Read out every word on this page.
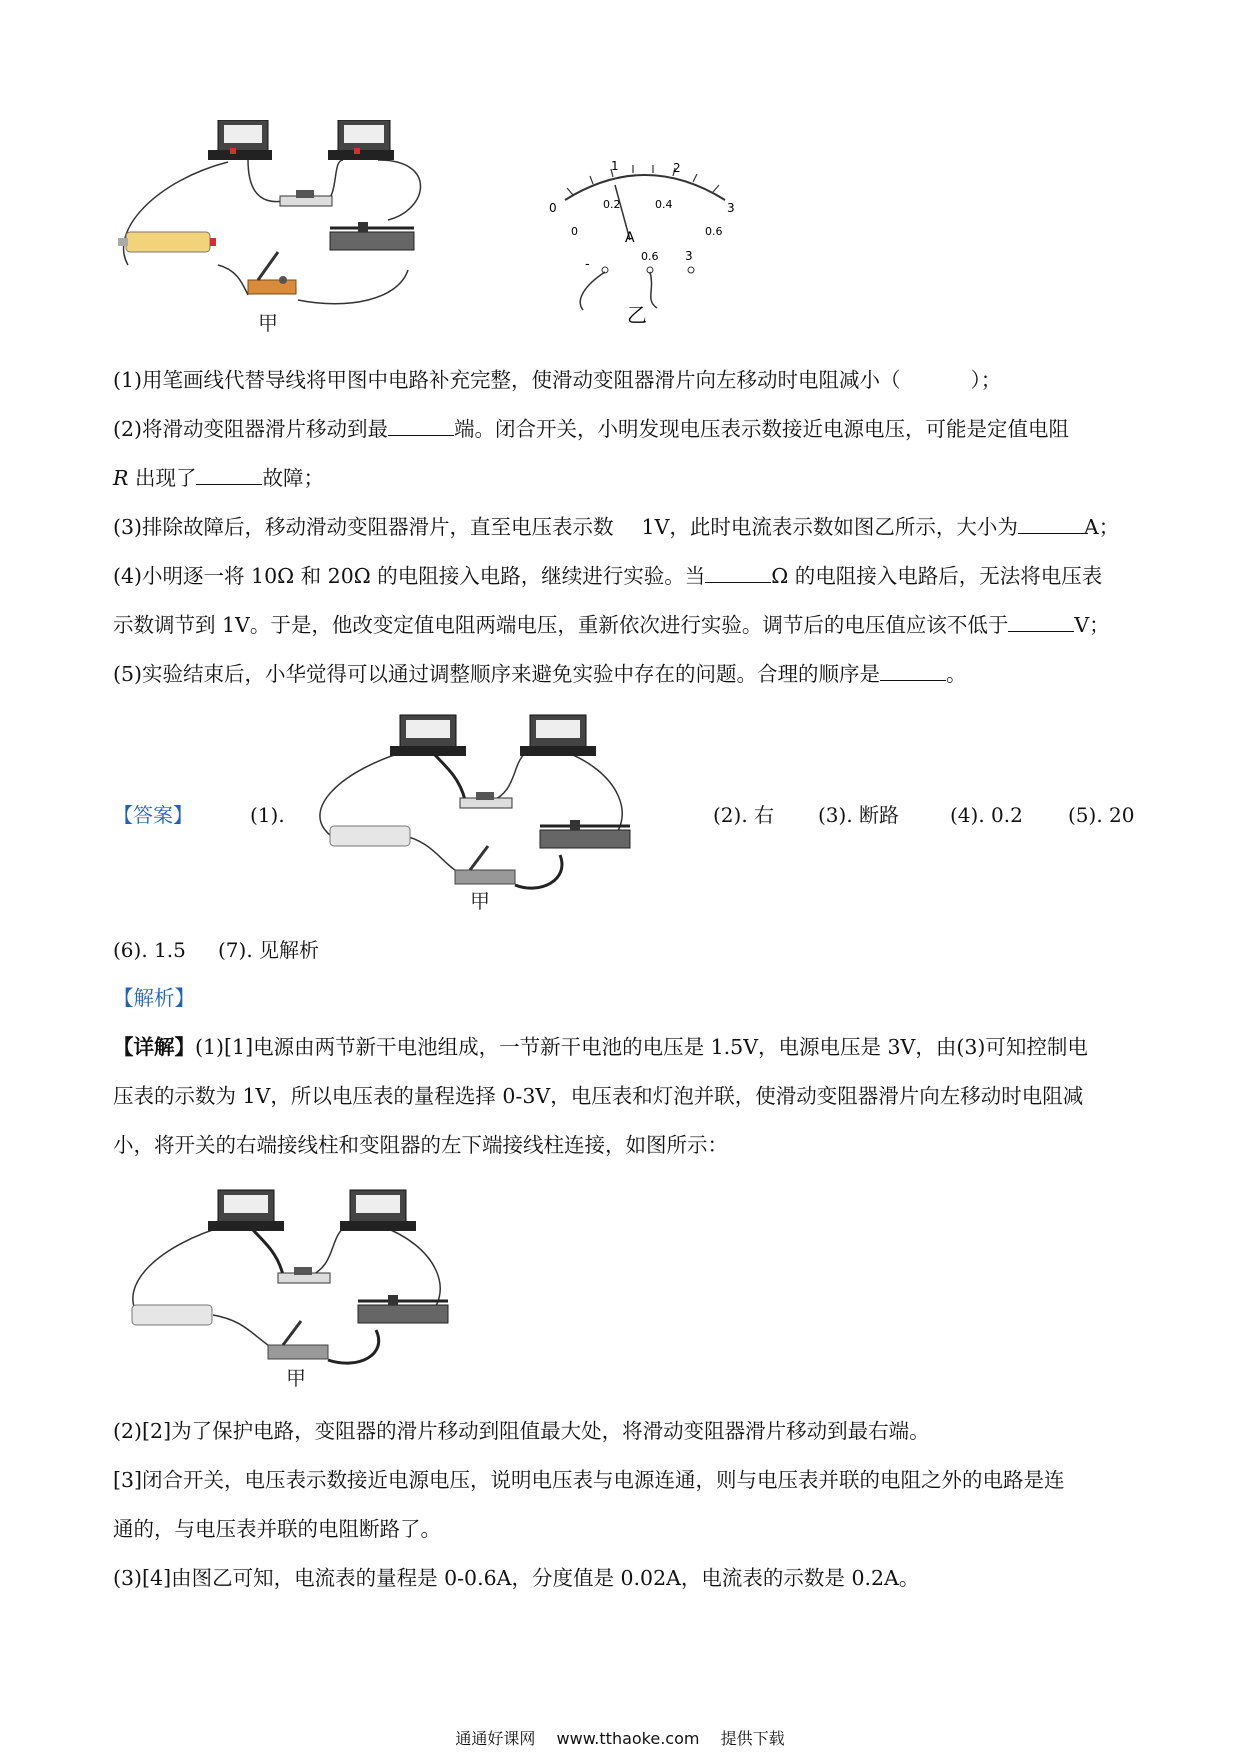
甲
0
1	2
3
0
0.2	0.4
0.6
A
-
0.6 3
乙
(1)用笔画线代替导线将甲图中电路补充完整，使滑动变阻器滑片向左移动时电阻减小（	）；
(2)将滑动变阻器滑片移动到最	端。闭合开关，小明发现电压表示数接近电源电压，可能是定值电阻
R 出现了	故障；
(3)排除故障后，移动滑动变阻器滑片，直至电压表示数 1V，此时电流表示数如图乙所示，大小为	A；
(4)小明逐一将 10Ω 和 20Ω 的电阻接入电路，继续进行实验。当	Ω 的电阻接入电路后，无法将电压表
示数调节到 1V。于是，他改变定值电阻两端电压，重新依次进行实验。调节后的电压值应该不低于	V；
(5)实验结束后，小华觉得可以通过调整顺序来避免实验中存在的问题。合理的顺序是	。
【答案】	(1).
甲
(2). 右 (3). 断路	(4). 0.2 (5). 20
(6). 1.5 (7). 见解析
【解析】
【详解】(1)[1]电源由两节新干电池组成，一节新干电池的电压是 1.5V，电源电压是 3V，由(3)可知控制电
压表的示数为 1V，所以电压表的量程选择 0-3V，电压表和灯泡并联，使滑动变阻器滑片向左移动时电阻减
小，将开关的右端接线柱和变阻器的左下端接线柱连接，如图所示：
甲
(2)[2]为了保护电路，变阻器的滑片移动到阻值最大处，将滑动变阻器滑片移动到最右端。
[3]闭合开关，电压表示数接近电源电压，说明电压表与电源连通，则与电压表并联的电阻之外的电路是连
通的，与电压表并联的电阻断路了。
(3)[4]由图乙可知，电流表的量程是 0-0.6A，分度值是 0.02A，电流表的示数是 0.2A。
通通好课网 www.tthaoke.com 提供下载
